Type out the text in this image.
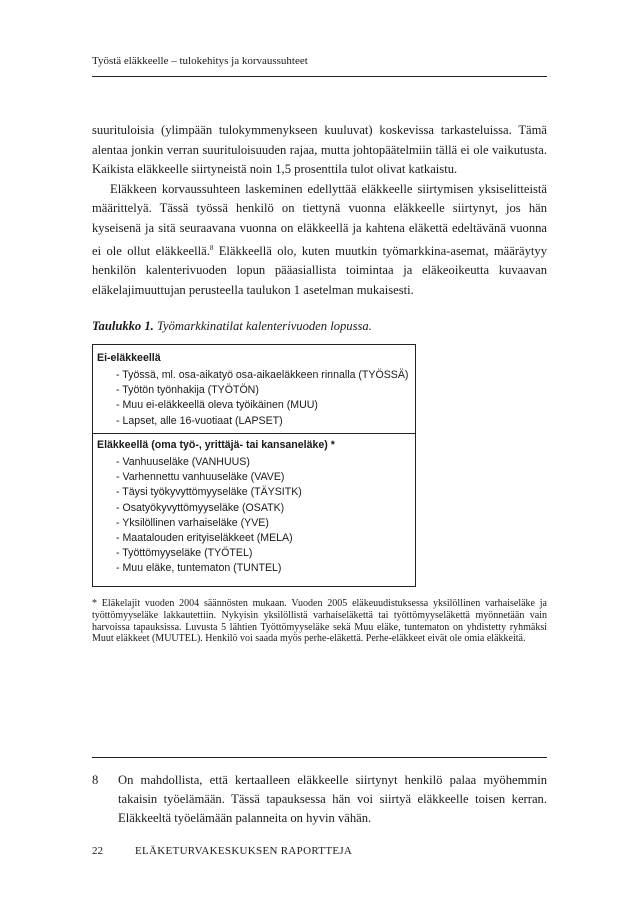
Työstä eläkkeelle – tulokehitys ja korvaussuhteet

suurituloisia (ylimpään tulokymmenykseen kuuluvat) koskevissa tarkasteluissa. Tämä alentaa jonkin verran suurituloisuuden rajaa, mutta johtopäätelmiin tällä ei ole vaikutusta. Kaikista eläkkeelle siirtyneistä noin 1,5 prosenttila tulot olivat katkaistu.

Eläkkeen korvaussuhteen laskeminen edellyttää eläkkeelle siirtymisen yksiselitteistä määrittelyä. Tässä työssä henkilö on tiettynä vuonna eläkkeelle siirtynyt, jos hän kyseisenä ja sitä seuraavana vuonna on eläkkeellä ja kahtena eläkettä edeltävänä vuonna ei ole ollut eläkkeellä.$^8$ Eläkkeellä olo, kuten muutkin työmarkkina-asemat, määräytyy henkilön kalenterivuoden lopun pääasiallista toimintaa ja eläkeoikeutta kuvaavan eläkelajimuuttujan perusteella taulukon 1 asetelman mukaisesti.

Taulukko 1. Työmarkkinatilat kalenterivuoden lopussa.
Ei-eläkkeellä
- Työssä, ml. osa-aikatyö osa-aikaeläkkeen rinnalla (TYÖSSÄ)
- Työtön työnhakija (TYÖTÖN)
- Muu ei-eläkkeellä oleva työikäinen (MUU)
- Lapset, alle 16-vuotiaat (LAPSET)
Eläkkeellä (oma työ-, yrittäjä- tai kansaneläke) *
- Vanhuuseläke (VANHUUS)
- Varhennettu vanhuuseläke (VAVE)
- Täysi työkyvyttömyyseläke (TÄYSITK)
- Osatyökyvyttömyyseläke (OSATK)
- Yksilöllinen varhaiseläke (YVE)
- Maatalouden erityiseläkkeet (MELA)
- Työttömyyseläke (TYÖTEL)
- Muu eläke, tuntematon (TUNTEL)
* Eläkelajit vuoden 2004 säännösten mukaan. Vuoden 2005 eläkeuudistuksessa yksilöllinen varhaiseläke ja työttömyyseläke lakkautettiin. Nykyisin yksilöllistä varhaiseläkettä tai työttömyyseläkettä myönnetään vain harvoissa tapauksissa. Luvusta 5 lähtien Työttömyyseläke sekä Muu eläke, tuntematon on yhdistetty ryhmäksi Muut eläkkeet (MUUTEL). Henkilö voi saada myös perhe-eläkettä. Perhe-eläkkeet eivät ole omia eläkkeitä.
8 On mahdollista, että kertaalleen eläkkeelle siirtynyt henkilö palaa myöhemmin takaisin työelämään. Tässä tapauksessa hän voi siirtyä eläkkeelle toisen kerran. Eläkkeeltä työelämään palanneita on hyvin vähän.
22	ELÄKETURVAKESKUKSEN RAPORTTEJA
